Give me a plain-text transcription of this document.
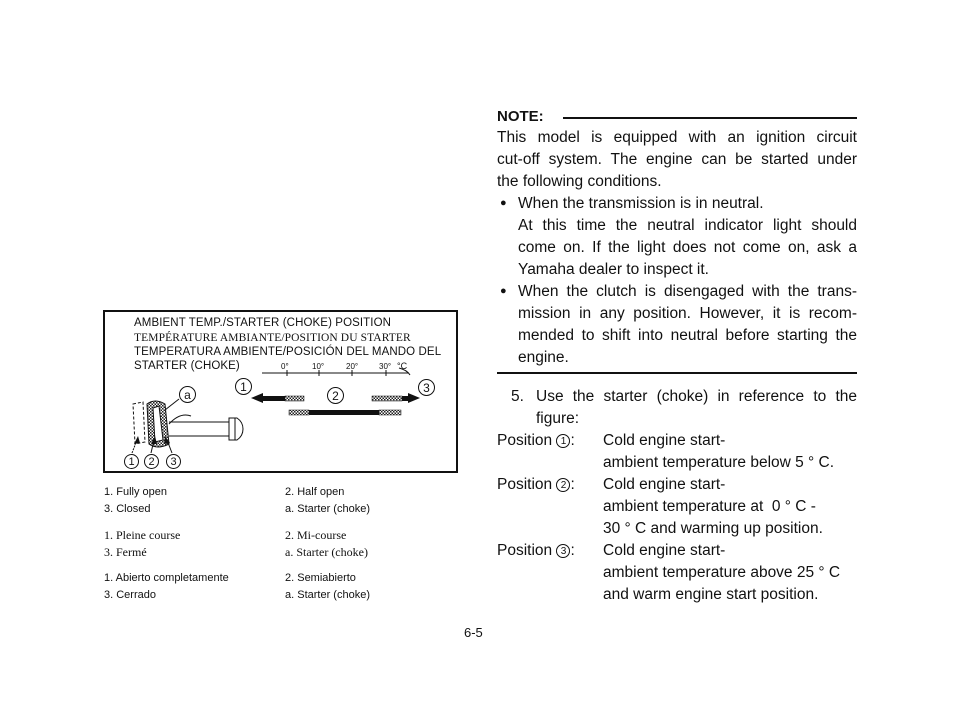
AMBIENT TEMP./STARTER (CHOKE) POSITION
TEMPÉRATURE AMBIANTE/POSITION DU STARTER
TEMPERATURA AMBIENTE/POSICIÓN DEL MANDO DEL
STARTER (CHOKE)	0°	10°	20°	30° °C
a
1
2
3
1	2	3
1. Fully open	2. Half open
3. Closed	a. Starter (choke)
1. Pleine course	2. Mi-course
3. Fermé	a. Starter (choke)
1. Abierto completamente	2. Semiabierto
3. Cerrado	a. Starter (choke)
NOTE:
This model is equipped with an ignition circuit
cut-off system. The engine can be started under
the following conditions.
● When the transmission is in neutral.
At this time the neutral indicator light should
come on. If the light does not come on, ask a
Yamaha dealer to inspect it.
● When the clutch is disengaged with the trans-
mission in any position. However, it is recom-
mended to shift into neutral before starting the
engine.
5. Use the starter (choke) in reference to the
figure:
Position 1 : Cold engine start-
ambient temperature below 5 ° C.
Position 2 : Cold engine start-
ambient temperature at  0 ° C -
30 ° C and warming up position.
Position 3 : Cold engine start-
ambient temperature above 25 ° C
and warm engine start position.
6-5
